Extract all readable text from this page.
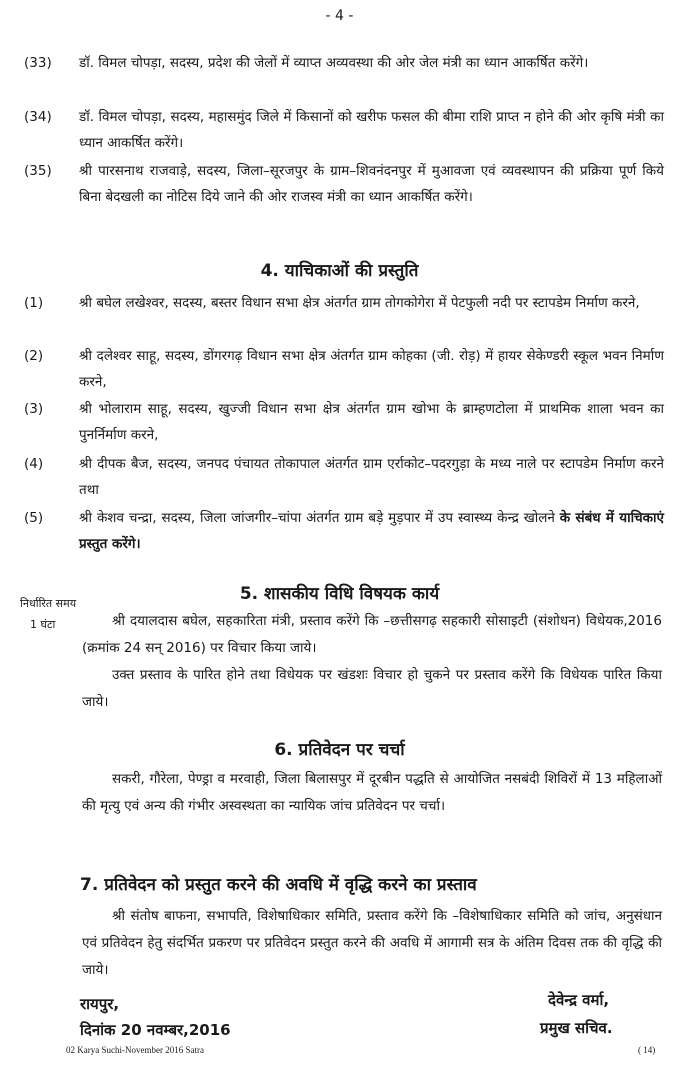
- 4 -
(33) डॉ. विमल चोपड़ा, सदस्य, प्रदेश की जेलों में व्याप्त अव्यवस्था की ओर जेल मंत्री का ध्यान आकर्षित करेंगे।
(34) डॉ. विमल चोपड़ा, सदस्य, महासमुंद जिले में किसानों को खरीफ फसल की बीमा राशि प्राप्त न होने की ओर कृषि मंत्री का ध्यान आकर्षित करेंगे।
(35) श्री पारसनाथ राजवाड़े, सदस्य, जिला–सूरजपुर के ग्राम–शिवनंदनपुर में मुआवजा एवं व्यवस्थापन की प्रक्रिया पूर्ण किये बिना बेदखली का नोटिस दिये जाने की ओर राजस्व मंत्री का ध्यान आकर्षित करेंगे।
4. याचिकाओं की प्रस्तुति
(1)	श्री बघेल लखेश्वर, सदस्य, बस्तर विधान सभा क्षेत्र अंतर्गत ग्राम तोगकोगेरा में पेटफुली नदी पर स्टापडेम निर्माण करने,
(2)	श्री दलेश्वर साहू, सदस्य, डोंगरगढ़ विधान सभा क्षेत्र अंतर्गत ग्राम कोहका (जी. रोड़) में हायर सेकेण्डरी स्कूल भवन निर्माण करने,
(3)	श्री भोलाराम साहू, सदस्य, खुज्जी विधान सभा क्षेत्र अंतर्गत ग्राम खोभा के ब्राम्हणटोला में प्राथमिक शाला भवन का पुनर्निर्माण करने,
(4)	श्री दीपक बैज, सदस्य, जनपद पंचायत तोकापाल अंतर्गत ग्राम एर्राकोट–पदरगुड़ा के मध्य नाले पर स्टापडेम निर्माण करने तथा
(5)	श्री केशव चन्द्रा, सदस्य, जिला जांजगीर–चांपा अंतर्गत ग्राम बड़े मुड़पार में उप स्वास्थ्य केन्द्र खोलने के संबंध में याचिकाएं प्रस्तुत करेंगे।
निर्धारित समय
1 घंटा
5. शासकीय विधि विषयक कार्य
श्री दयालदास बघेल, सहकारिता मंत्री, प्रस्ताव करेंगे कि –छत्तीसगढ़ सहकारी सोसाइटी (संशोधन) विधेयक,2016 (क्रमांक 24 सन् 2016) पर विचार किया जाये।
उक्त प्रस्ताव के पारित होने तथा विधेयक पर खंडशः विचार हो चुकने पर प्रस्ताव करेंगे कि विधेयक पारित किया जाये।
6. प्रतिवेदन पर चर्चा
सकरी, गौरेला, पेण्ड्रा व मरवाही, जिला बिलासपुर में दूरबीन पद्धति से आयोजित नसबंदी शिविरों में 13 महिलाओं की मृत्यु एवं अन्य की गंभीर अस्वस्थता का न्यायिक जांच प्रतिवेदन पर चर्चा।
7. प्रतिवेदन को प्रस्तुत करने की अवधि में वृद्धि करने का प्रस्ताव
श्री संतोष बाफना, सभापति, विशेषाधिकार समिति, प्रस्ताव करेंगे कि –विशेषाधिकार समिति को जांच, अनुसंधान एवं प्रतिवेदन हेतु संदर्भित प्रकरण पर प्रतिवेदन प्रस्तुत करने की अवधि में आगामी सत्र के अंतिम दिवस तक की वृद्धि की जाये।
रायपुर,
दिनांक 20 नवम्बर,2016
देवेन्द्र वर्मा,
प्रमुख सचिव.
02 Karya Suchi-November 2016 Satra	( 14)
